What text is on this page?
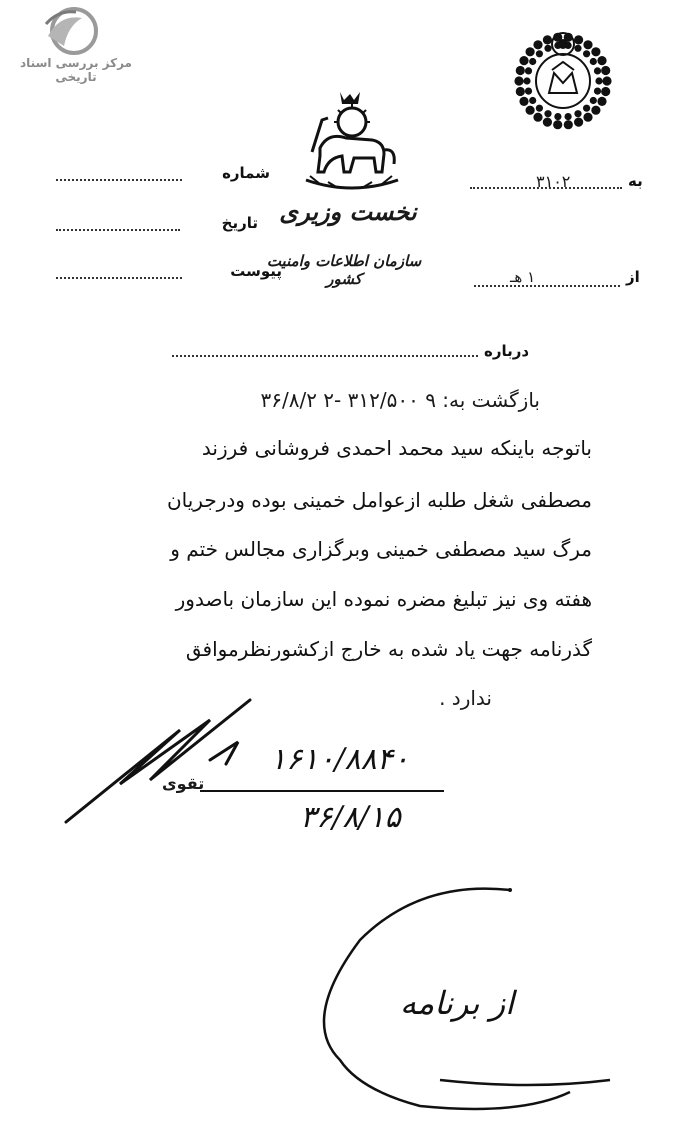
مرکز بررسی اسناد تاریخی
نخست وزیری
سازمان اطلاعات وامنیت کشور
شماره
تاریخ
پیوست
به
۳۱۰۲
از
۱ هـ
درباره
بازگشت به: ۹ ۳۱۲/۵۰۰ -۲ ۳۶/۸/۲
باتوجه باینکه سید محمد احمدی فروشانی فرزند
مصطفی شغل طلبه ازعوامل خمینی بوده ودرجریان
مرگ سید مصطفی خمینی وبرگزاری مجالس ختم و
هفته وی نیز تبلیغ مضره نموده این سازمان باصدور
گذرنامه جهت یاد شده به خارج ازکشورنظرموافق
ندارد .
۱۶۱۰/۸۸۴۰
تقوی
۳۶/۸/۱۵
از برنامه
